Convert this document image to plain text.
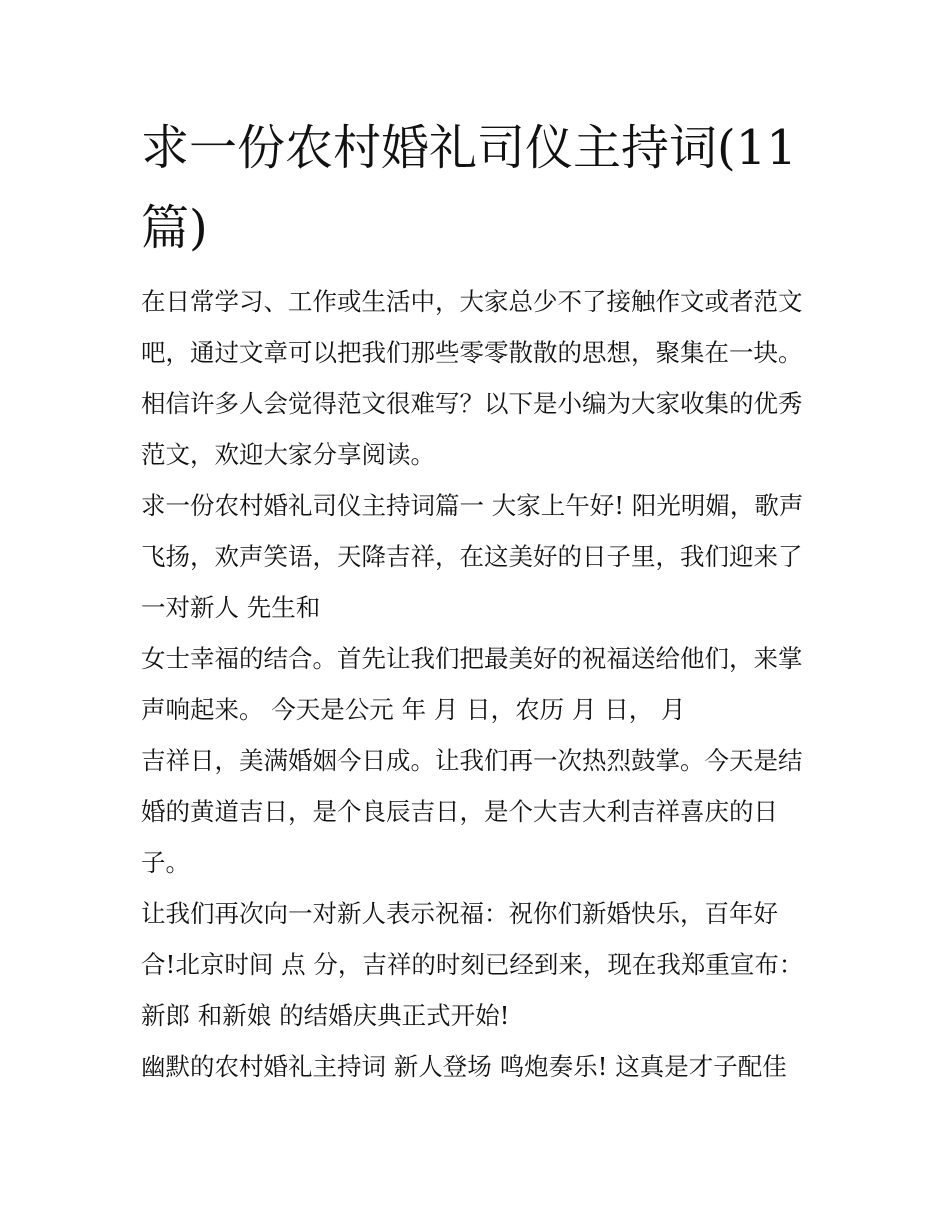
求一份农村婚礼司仪主持词(11
篇)

在日常学习、工作或生活中，大家总少不了接触作文或者范文
吧，通过文章可以把我们那些零零散散的思想，聚集在一块。
相信许多人会觉得范文很难写？以下是小编为大家收集的优秀
范文，欢迎大家分享阅读。

求一份农村婚礼司仪主持词篇一 大家上午好! 阳光明媚，歌声
飞扬，欢声笑语，天降吉祥，在这美好的日子里，我们迎来了
一对新人 先生和

女士幸福的结合。首先让我们把最美好的祝福送给他们，来掌
声响起来。 今天是公元 年 月 日，农历 月 日， 月

吉祥日，美满婚姻今日成。让我们再一次热烈鼓掌。今天是结
婚的黄道吉日，是个良辰吉日，是个大吉大利吉祥喜庆的日
子。

让我们再次向一对新人表示祝福：祝你们新婚快乐，百年好
合!北京时间 点 分，吉祥的时刻已经到来，现在我郑重宣布：
新郎 和新娘 的结婚庆典正式开始!

幽默的农村婚礼主持词 新人登场 鸣炮奏乐! 这真是才子配佳
